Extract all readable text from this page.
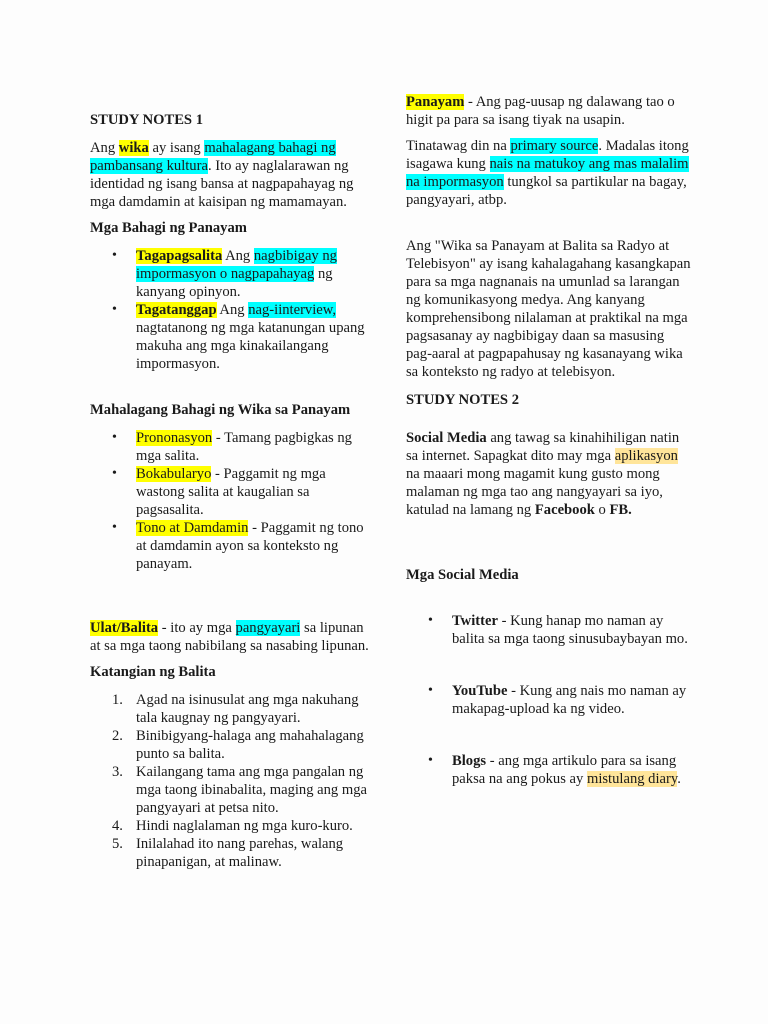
STUDY NOTES 1

Ang wika ay isang mahalagang bahagi ng pambansang kultura. Ito ay naglalarawan ng identidad ng isang bansa at nagpapahayag ng mga damdamin at kaisipan ng mamamayan.

Mga Bahagi ng Panayam

• Tagapagsalita Ang nagbibigay ng impormasyon o nagpapahayag ng kanyang opinyon.
• Tagatanggap Ang nag-iinterview, nagtatanong ng mga katanungan upang makuha ang mga kinakailangang impormasyon.

Mahalagang Bahagi ng Wika sa Panayam

• Prononasyon - Tamang pagbigkas ng mga salita.
• Bokabularyo - Paggamit ng mga wastong salita at kaugalian sa pagsasalita.
• Tono at Damdamin - Paggamit ng tono at damdamin ayon sa konteksto ng panayam.

Ulat/Balita - ito ay mga pangyayari sa lipunan at sa mga taong nabibilang sa nasabing lipunan.

Katangian ng Balita

1. Agad na isinusulat ang mga nakuhang tala kaugnay ng pangyayari.
2. Binibigyang-halaga ang mahahalagang punto sa balita.
3. Kailangang tama ang mga pangalan ng mga taong ibinabalita, maging ang mga pangyayari at petsa nito.
4. Hindi naglalaman ng mga kuro-kuro.
5. Inilalahad ito nang parehas, walang pinapanigan, at malinaw.

Panayam - Ang pag-uusap ng dalawang tao o higit pa para sa isang tiyak na usapin.

Tinatawag din na primary source. Madalas itong isagawa kung nais na matukoy ang mas malalim na impormasyon tungkol sa partikular na bagay, pangyayari, atbp.

Ang "Wika sa Panayam at Balita sa Radyo at Telebisyon" ay isang kahalagahang kasangkapan para sa mga nagnanais na umunlad sa larangan ng komunikasyong medya. Ang kanyang komprehensibong nilalaman at praktikal na mga pagsasanay ay nagbibigay daan sa masusing pag-aaral at pagpapahusay ng kasanayang wika sa konteksto ng radyo at telebisyon.

STUDY NOTES 2

Social Media ang tawag sa kinahihiligan natin sa internet. Sapagkat dito may mga aplikasyon na maaari mong magamit kung gusto mong malaman ng mga tao ang nangyayari sa iyo, katulad na lamang ng Facebook o FB.

Mga Social Media

• Twitter - Kung hanap mo naman ay balita sa mga taong sinusubaybayan mo.
• YouTube - Kung ang nais mo naman ay makapag-upload ka ng video.
• Blogs - ang mga artikulo para sa isang paksa na ang pokus ay mistulang diary.
